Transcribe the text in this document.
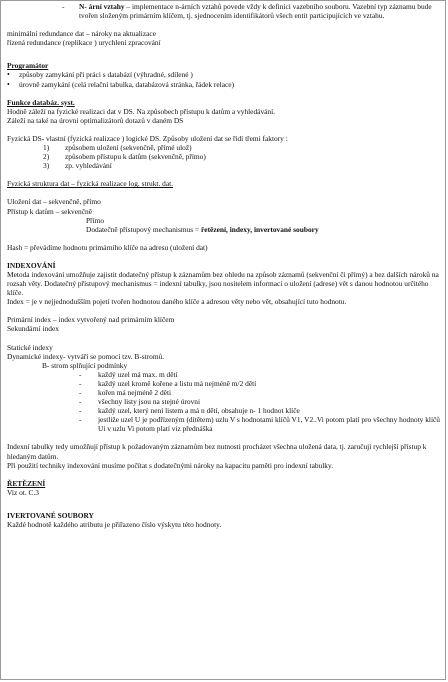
-	N- ární vztahy – implementace n-árních vztahů povede vždy k definici vazebního souboru. Vazební typ záznamu bude tvořen složeným primárním klíčem, tj. sjednocením identifikátorů všech entit participujících ve vztahu.

minimální redundance dat – nároky na aktualizace

řízená redundance (replikace ) urychlení zpracování

Programátor

•	způsoby zamykání při práci s databází (výhradné, sdílené )
•	úrovně zamykání (celá relační tabulka, databázová stránka, řádek relace)

Funkce databáz. syst.

Hodně záleží na fyzické realizaci dat v DS. Na způsobech přístupu k datům a vyhledávání.

Záleží na také na úrovni optimalizátorů dotazů v daném DS

Fyzická DS- vlastní (fyzická realizace ) logické DS. Způsoby uložení dat se řídí třemi faktory :

1)	způsobem uložení (sekvenčně, přímé ulož)
2)	způsobem přístupu k datům (sekvenčně, přímo)
3)	zp. vyhledávání

Fyzická struktura dat – fyzická realizace log. strukt. dat.

Uložení dat – sekvenčně, přímo

Přístup k datům – sekvenčně

Přímo

Dodatečně přístupový mechanismus = řetězení, indexy, invertované soubory

Hash = převádíme hodnotu primárního klíče na adresu (uložení dat)

INDEXOVÁNÍ

Metoda indexování umožňuje zajistit dodatečný přístup k záznamům bez ohledu na způsob záznamů (sekvenční či přímý) a bez dalších nároků na rozsah věty. Dodatečný přístupový mechanismus = indexní tabulky, jsou nositelem informací o uložení (adrese) vět s danou hodnotou určitého klíče.

Index = je v nejjednodušším pojetí tvořen hodnotou daného klíče a adresou věty nebo vět, obsahující tuto hodnotu.

Primární index – index vytvořený nad primárním klíčem

Sekundární index

Statické indexy

Dynamické indexy- vytváří se pomocí tzv. B-stromů.

B- strom splňující podmínky

-	každý uzel má max. m dětí
-	každý uzel kromě kořene a listu má nejméně m/2 dětí
-	kořen má nejméně 2 děti
-	všechny listy jsou na stejné úrovni
-	každý uzel, který není listem a má n dětí, obsahuje n- 1 hodnot klíče
-	jestliže uzel U je podřízeným (dítětem) uzlu V s hodnotami klíčů V1, V2..Vi potom platí pro všechny hodnoty klíčů Ui v uzlu Vi potom platí viz přednáška

Indexní tabulky tedy umožňují přístup k požadovaným záznamům bez nutnosti procházet všechna uložená data, tj. zaručují rychlejší přístup k hledaným datům.

Při použití techniky indexování musíme počítat s dodatečnými nároky na kapacitu paměti pro indexní tabulky.

ŘETĚZENÍ

Viz ot. C.3

IVERTOVANÉ SOUBORY

Každé hodnotě každého atributu je přiřazeno číslo výskytu této hodnoty.
